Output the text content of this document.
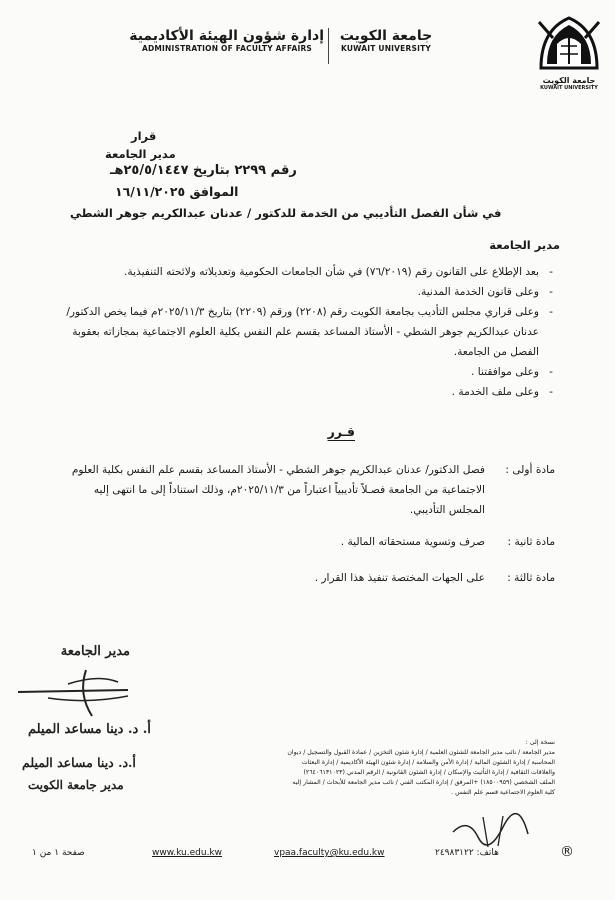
جامعة الكويت
KUWAIT UNIVERSITY
جامعة الكويت
KUWAIT UNIVERSITY
إدارة شؤون الهيئة الأكاديمية
ADMINISTRATION OF FACULTY AFFAIRS
قرار
مدير الجامعة
رقم ٢٢٩٩ بتاريخ ٢٥/٥/١٤٤٧هـ
الموافق ١٦/١١/٢٠٢٥
في شأن الفصل التأديبي من الخدمة للدكتور / عدنان عبدالكريم جوهر الشطي
مدير الجامعة
- بعد الإطلاع على القانون رقم (٧٦/٢٠١٩) في شأن الجامعات الحكومية وتعديلاته ولائحته التنفيذية.
- وعلى قانون الخدمة المدنية.
- وعلى قراري مجلس التأديب بجامعة الكويت رقم (٢٢٠٨) ورقم (٢٢٠٩) بتاريخ ٢٠٢٥/١١/٣م فيما يخص الدكتور/ عدنان عبدالكريم جوهر الشطي - الأستاذ المساعد بقسم علم النفس بكلية العلوم الاجتماعية بمجازاته بعقوبة الفصل من الجامعة.
- وعلى موافقتنا .
- وعلى ملف الخدمة .
قـرر
مادة أولى :
فصل الدكتور/ عدنان عبدالكريم جوهر الشطي - الأستاذ المساعد بقسم علم النفس بكلية العلوم الاجتماعية من الجامعة فصـلاً تأديبياً اعتباراً من ٢٠٢٥/١١/٣م، وذلك استناداً إلى ما انتهى إليه المجلس التأديبي.
مادة ثانية :
صرف وتسوية مستحقاته المالية .
مادة ثالثة :
على الجهات المختصة تنفيذ هذا القرار .
مدير الجامعة
أ. د. دينا مساعد الميلم
أ.د. دينا مساعد الميلم
مدير جامعة الكويت
نسخة إلى :
مدير الجامعة / نائب مدير الجامعة للشئون العلمية / إدارة شئون التخزين / عمادة القبول والتسجيل / ديوان
المحاسبة / إدارة الشئون المالية / إدارة الأمن والسلامة / إدارة شئون الهيئة الأكاديمية / إدارة البعثات
والعلاقات الثقافية / إدارة التأثيث والإسكان / إدارة الشئون القانونية / الرقم المدني (٢٦٤٠٦١٣١٠٢٣)
الملف الشخصي (١٨٥٠٠٩٥٩) +المرفق / إدارة المكتب الفني / نائب مدير الجامعة للأبحاث / المشار إليه
كلية العلوم الاجتماعية قسم علم النفس .
صفحة ١ من ١	www.ku.edu.kw	vpaa.faculty@ku.edu.kw	هاتف: ٢٤٩٨٣١٢٢	®
